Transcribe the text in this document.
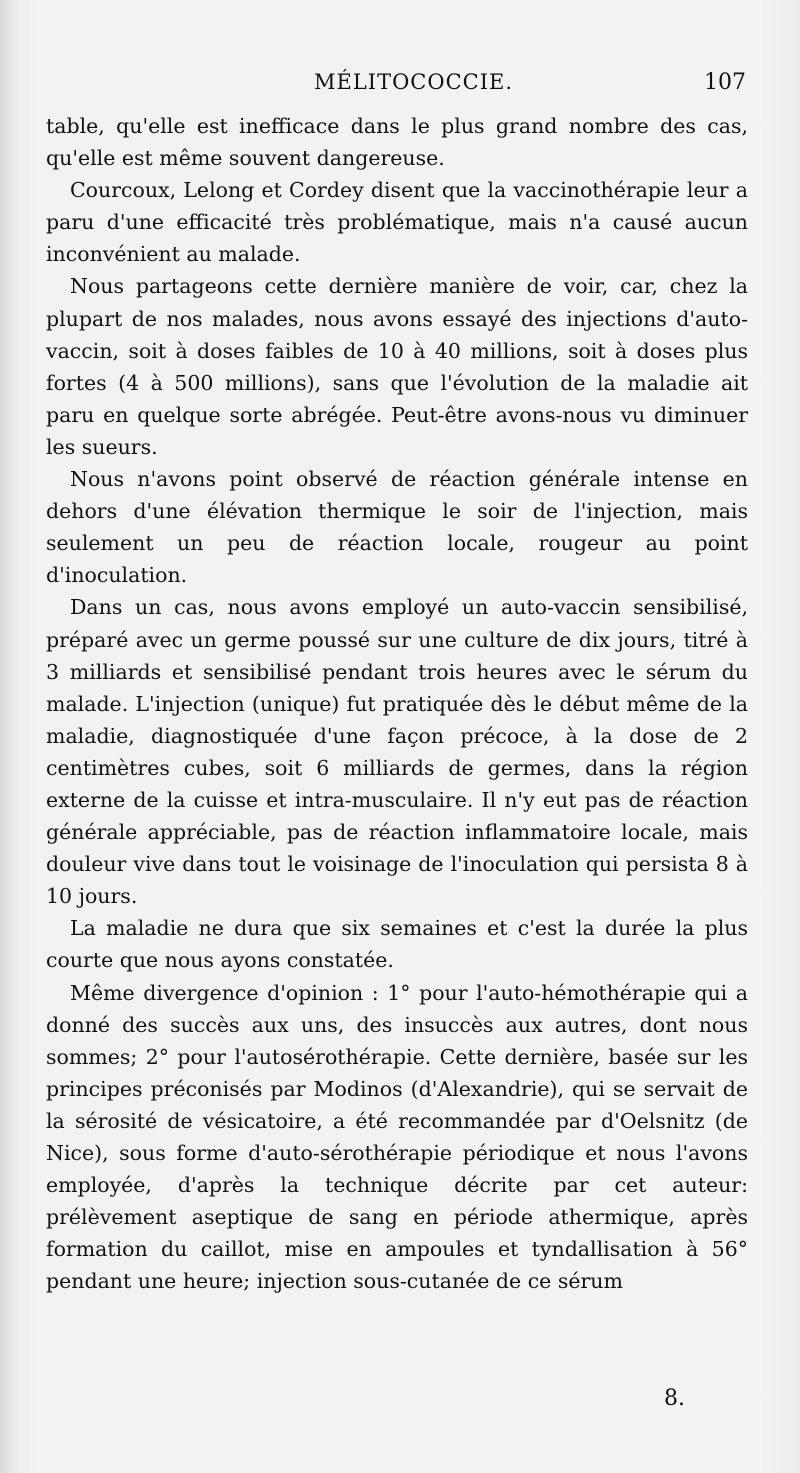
MÉLITOCOCCIE.	107

table, qu'elle est inefficace dans le plus grand nombre des cas, qu'elle est même souvent dangereuse.

Courcoux, Lelong et Cordey disent que la vaccinothérapie leur a paru d'une efficacité très problématique, mais n'a causé aucun inconvénient au malade.

Nous partageons cette dernière manière de voir, car, chez la plupart de nos malades, nous avons essayé des injections d'auto-vaccin, soit à doses faibles de 10 à 40 millions, soit à doses plus fortes (4 à 500 millions), sans que l'évolution de la maladie ait paru en quelque sorte abrégée. Peut-être avons-nous vu diminuer les sueurs.

Nous n'avons point observé de réaction générale intense en dehors d'une élévation thermique le soir de l'injection, mais seulement un peu de réaction locale, rougeur au point d'inoculation.

Dans un cas, nous avons employé un auto-vaccin sensibilisé, préparé avec un germe poussé sur une culture de dix jours, titré à 3 milliards et sensibilisé pendant trois heures avec le sérum du malade. L'injection (unique) fut pratiquée dès le début même de la maladie, diagnostiquée d'une façon précoce, à la dose de 2 centimètres cubes, soit 6 milliards de germes, dans la région externe de la cuisse et intra-musculaire. Il n'y eut pas de réaction générale appréciable, pas de réaction inflammatoire locale, mais douleur vive dans tout le voisinage de l'inoculation qui persista 8 à 10 jours.

La maladie ne dura que six semaines et c'est la durée la plus courte que nous ayons constatée.

Même divergence d'opinion : 1° pour l'auto-hémothérapie qui a donné des succès aux uns, des insuccès aux autres, dont nous sommes; 2° pour l'autosérothérapie. Cette dernière, basée sur les principes préconisés par Modinos (d'Alexandrie), qui se servait de la sérosité de vésicatoire, a été recommandée par d'Oelsnitz (de Nice), sous forme d'auto-sérothérapie périodique et nous l'avons employée, d'après la technique décrite par cet auteur: prélèvement aseptique de sang en période athermique, après formation du caillot, mise en ampoules et tyndallisation à 56° pendant une heure; injection sous-cutanée de ce sérum

8.
